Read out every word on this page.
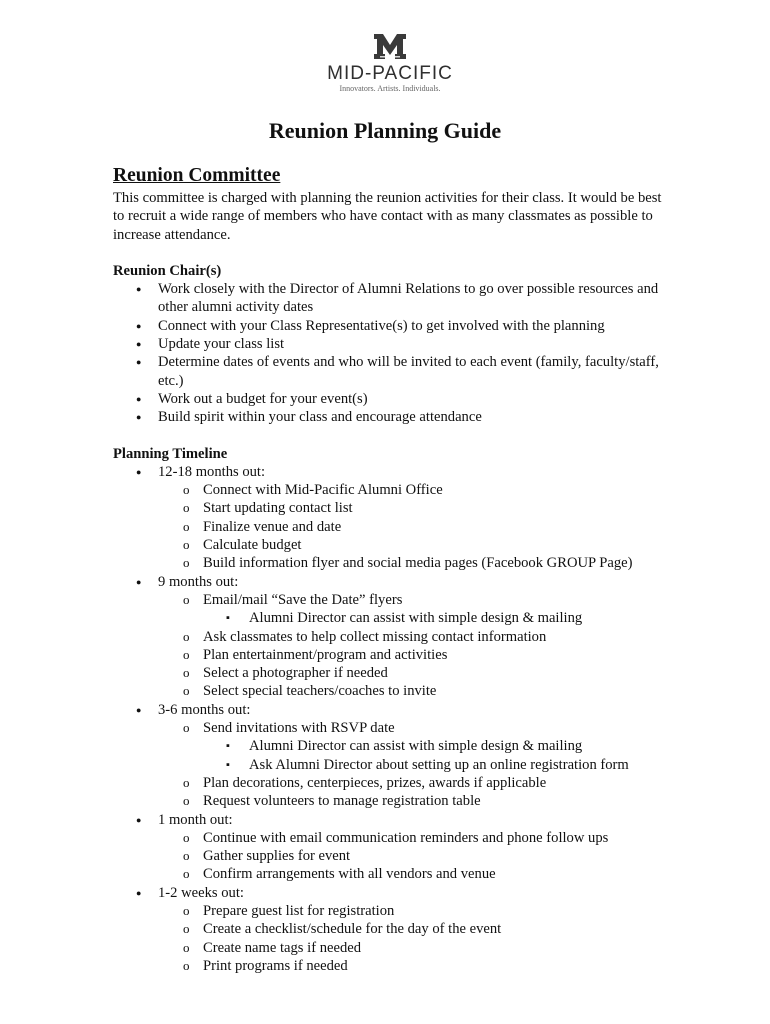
MID-PACIFIC
Innovators. Artists. Individuals.
Reunion Planning Guide
Reunion Committee

This committee is charged with planning the reunion activities for their class. It would be best to recruit a wide range of members who have contact with as many classmates as possible to increase attendance.

Reunion Chair(s)
● Work closely with the Director of Alumni Relations to go over possible resources and other alumni activity dates
● Connect with your Class Representative(s) to get involved with the planning
● Update your class list
● Determine dates of events and who will be invited to each event (family, faculty/staff, etc.)
● Work out a budget for your event(s)
● Build spirit within your class and encourage attendance
Planning Timeline
● 12-18 months out:
o Connect with Mid-Pacific Alumni Office
o Start updating contact list
o Finalize venue and date
o Calculate budget
o Build information flyer and social media pages (Facebook GROUP Page)
● 9 months out:
o Email/mail “Save the Date” flyers
▪ Alumni Director can assist with simple design & mailing
o Ask classmates to help collect missing contact information
o Plan entertainment/program and activities
o Select a photographer if needed
o Select special teachers/coaches to invite
● 3-6 months out:
o Send invitations with RSVP date
▪ Alumni Director can assist with simple design & mailing
▪ Ask Alumni Director about setting up an online registration form
o Plan decorations, centerpieces, prizes, awards if applicable
o Request volunteers to manage registration table
● 1 month out:
o Continue with email communication reminders and phone follow ups
o Gather supplies for event
o Confirm arrangements with all vendors and venue
● 1-2 weeks out:
o Prepare guest list for registration
o Create a checklist/schedule for the day of the event
o Create name tags if needed
o Print programs if needed
